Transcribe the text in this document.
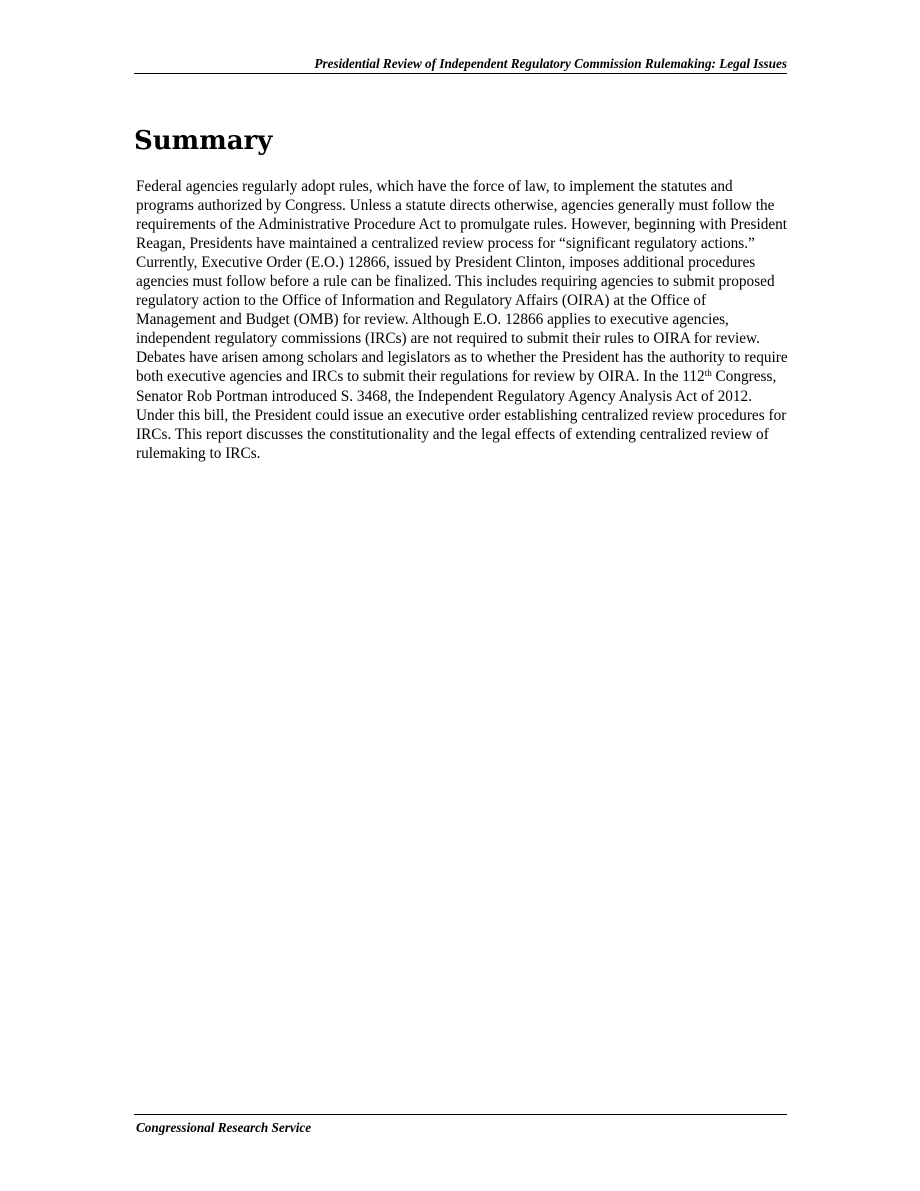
Presidential Review of Independent Regulatory Commission Rulemaking: Legal Issues
Summary

Federal agencies regularly adopt rules, which have the force of law, to implement the statutes and programs authorized by Congress. Unless a statute directs otherwise, agencies generally must follow the requirements of the Administrative Procedure Act to promulgate rules. However, beginning with President Reagan, Presidents have maintained a centralized review process for “significant regulatory actions.” Currently, Executive Order (E.O.) 12866, issued by President Clinton, imposes additional procedures agencies must follow before a rule can be finalized. This includes requiring agencies to submit proposed regulatory action to the Office of Information and Regulatory Affairs (OIRA) at the Office of Management and Budget (OMB) for review. Although E.O. 12866 applies to executive agencies, independent regulatory commissions (IRCs) are not required to submit their rules to OIRA for review. Debates have arisen among scholars and legislators as to whether the President has the authority to require both executive agencies and IRCs to submit their regulations for review by OIRA. In the 112th Congress, Senator Rob Portman introduced S. 3468, the Independent Regulatory Agency Analysis Act of 2012. Under this bill, the President could issue an executive order establishing centralized review procedures for IRCs. This report discusses the constitutionality and the legal effects of extending centralized review of rulemaking to IRCs.

Congressional Research Service
